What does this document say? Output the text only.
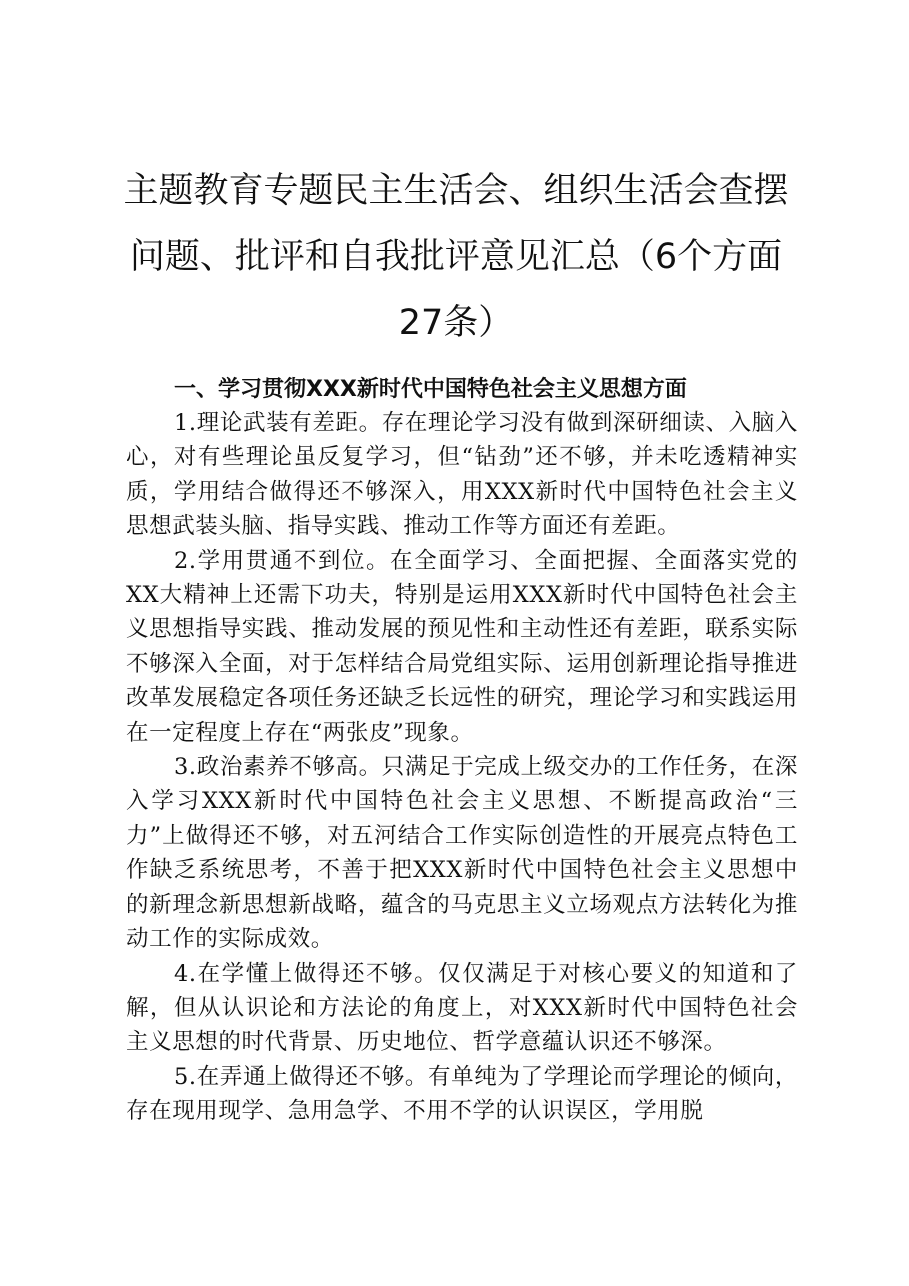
主题教育专题民主生活会、组织生活会查摆问题、批评和自我批评意见汇总（6个方面27条）
一、学习贯彻XXX新时代中国特色社会主义思想方面

1.理论武装有差距。存在理论学习没有做到深研细读、入脑入心，对有些理论虽反复学习，但“钻劲”还不够，并未吃透精神实质，学用结合做得还不够深入，用XXX新时代中国特色社会主义思想武装头脑、指导实践、推动工作等方面还有差距。

2.学用贯通不到位。在全面学习、全面把握、全面落实党的XX大精神上还需下功夫，特别是运用XXX新时代中国特色社会主义思想指导实践、推动发展的预见性和主动性还有差距，联系实际不够深入全面，对于怎样结合局党组实际、运用创新理论指导推进改革发展稳定各项任务还缺乏长远性的研究，理论学习和实践运用在一定程度上存在“两张皮”现象。

3.政治素养不够高。只满足于完成上级交办的工作任务，在深入学习XXX新时代中国特色社会主义思想、不断提高政治“三力”上做得还不够，对五河结合工作实际创造性的开展亮点特色工作缺乏系统思考，不善于把XXX新时代中国特色社会主义思想中的新理念新思想新战略，蕴含的马克思主义立场观点方法转化为推动工作的实际成效。

4.在学懂上做得还不够。仅仅满足于对核心要义的知道和了解，但从认识论和方法论的角度上，对XXX新时代中国特色社会主义思想的时代背景、历史地位、哲学意蕴认识还不够深。

5.在弄通上做得还不够。有单纯为了学理论而学理论的倾向，存在现用现学、急用急学、不用不学的认识误区，学用脱
